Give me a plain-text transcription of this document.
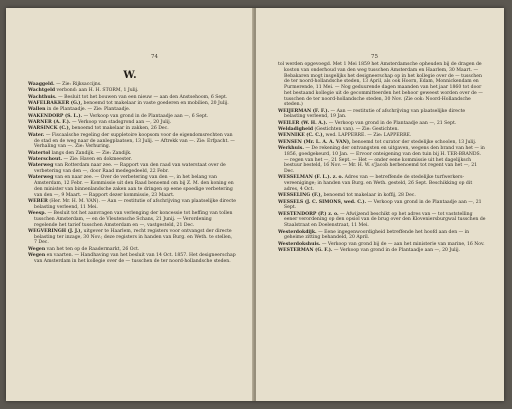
74
W.
Waaggeld. — Zie: Rijksaccijns.
Wachtgeld verbond: aan H. H. STORM, 1 Julij.
Wachthuis. — Besluit tot het bouwen van een nieuw — aan den Anstsehoom, 6 Sept.
WAFELBAKKER (G.), benoemd tot makelaar in vaste goederen en mobilien, 20 Julij.
Wallen in de Plantaadje. — Zie: Plantaadje.
WAKENDORP (S. L.). — Verkoop van grond in de Plantaadje aan —, 6 Sept.
WARNER (A. F.). — Verkoop van stadsgrond aan —, 20 Julij.
WARSINCK (C.), benoemd tot makelaar in zakken, 26 Dec.
Water. — Fiscaalsche regeling der suppletoire koopsom voor de eigendomsrechten van de stad en de weg naar de aanlegplaatsen, 13 Julij. — Aftrekk van —. Zie: Erfpacht. — Verhaling van —. Zie: Verhuring.
Watertol langs den Zandijk. — Zie: Zandijk.
Waterschout. — Zie: Haven en dokmeester.
Waterweg van Rotterdam naar zee. — Rapport van den raad van waterstaat over de verbetering van den —, door Raad medegedeeld, 22 Febr.
Waterweg van en naar zee. — Over de verbetering van den —, in het belang van Amsterdam, 12 Febr. — Kommissie uit den Raad benoemd om bij Z. M. den koning en den minister van binnenlandsche zaken aan te dringen op eene spoedige verbetering van den —, 9 Maart. — Rapport dezer kommissie, 23 Maart.
WEBER (Her. Mr. H. M. VAN). — Aan — restitutie of afschrijving van plaatselijke directe belasting verleend, 11 Mei.
Weesp. — Besluit tot het aanvragen van verlenging der koncessie tot heffing van tollen tusschen Amsterdam, — en de Vleutensche Schans, 21 Junij. — Verordening regelende het tarief tusschen Amsterdam en —, vastgesteld, 21 Dec.
WEGVERINGH (J. J.), uitgever te Haarlem, recht registers voor ontvangst der directe belasting ter inzage, 30 Nov.; deze registers in handen van Burg. en Weth. te stellen, 7 Dec.
Wegen van het ten op de Raadermarkt, 26 Oct.
Wegen en vaarten. — Handhaving van het besluit van 14 Oct. 1857. Het designeerschap van Amsterdam in het kollegie over de — tusschen de ter noord-hollandsche steden.
75
tol werden opgevoegd. Met 1 Mei 1859 het Amsterdamsche opheuden bij de dragen de koston van onderhoud van den weg tusschen Amsterdam en Haarlem, 30 Maart. — Bebakaren mogt insgelijks het designeerschap op in het kollegie over de — tusschen de ter noord-hollandsche steden, 13 April, als ook Hoorn, Edam, Monnickendam en Purmerende, 11 Mei. — Nog geduurende dagen maanden van het jaar 1860 tot door het bestaand kollegie uit de gecommitteerden het behoor geweest worden over de — tusschen de ter noord-hollandsche steden, 30 Nov. (Zie ook: Noord-Hollandsche steden.)
WEIJERMAN (F. F.). — Aan — restitutie of afschrijving van plaatselijke directe belasting verleend, 19 Jan.
WEILER (W. H. A.). — Verkoop van grond in de Plantaadje aan —, 21 Sept.
Weldadigheid (Gestichten van). — Zie: Gestichten.
WENNIKE (C. C.), wed. LAPPERRE. — Zie: LAPPERRE.
WENSEN (Mr. L. A. A. VAN), benoemd tot curator der stedelijke schoolen, 13 Julij.
Werkhuis. — De rekening der ontvangsten en uitgaven, wegens den brand van het — in 1856, goedgekeurd, 10 Jan. — Ervoor onteigening van den tuin bij H. TER-BRANDS. — regen van het —, 21 Sept. — Het — onder eene kommissie uit het dagelijksch bestuur besteld, 16 Nov. — Mr. H. W. s'Jacob herbenoemd tot regent van het —, 21 Dec.
WESSELMAN (F. L.). z. o. Adres van — betreffende de stedelijke turfwerkers-vereeniginge; in handen van Burg. en Weth. gesteld, 26 Sept. Beschikking op dit adres, 4 Oct.
WESSELING (F.), benoemd tot makelaar in koffij, 28 Dec.
WESSELS (J. C. SIMONS, wed. C.). — Verkoop van grond in de Plantaadje aan —, 21 Sept.
WESTENDORP (P.) z. o. — Afwijzend beschikt op het adres van — tot vaststelling eener verordening op den opsiol van de brug over den Kloveniersburgwal tusschen de Staalstraat en Doelenstraat, 11 Mei.
Westerdokdijk. — Eene ingegenwoordigheid betreffende het hoofd aan den — in geheime zitting behandeld, 20 April.
Westerdokshuis. — Verkoop van grond bij de — aan het ministerie van marine, 16 Nov.
WESTERMAN (G. F.). — Verkoop van grond in de Plantaadje aan —, 20 Julij.
